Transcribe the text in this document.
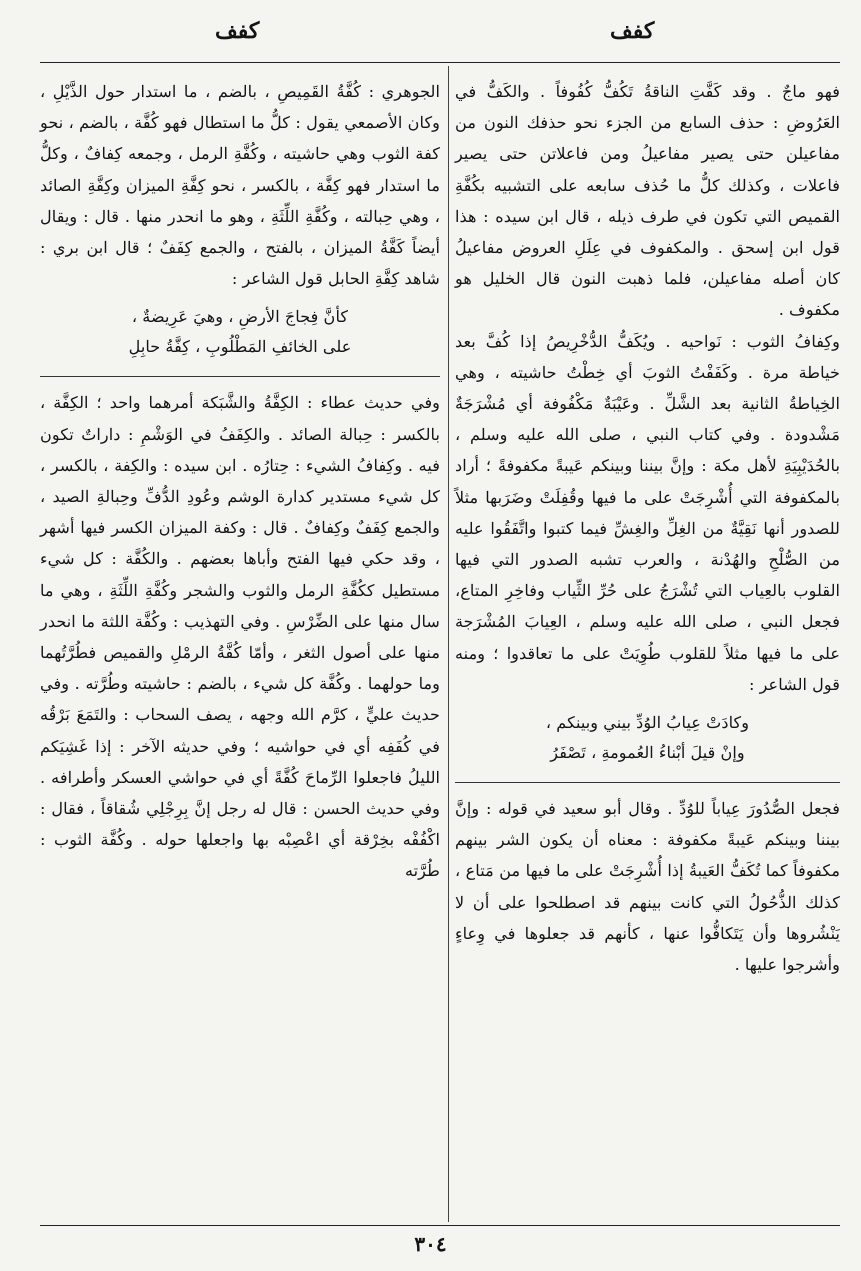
كفف
كفف

فهو ماجٌ . وقد كَفَّتِ الناقةُ تَكُفُّ كُفُوفاً . والكَفُّ في العَرُوضِ : حذف السابع من الجزء نحو حذفك النون من مفاعيلن حتى يصير مفاعيلُ ومن فاعلاتن حتى يصير فاعلات ، وكذلك كلُّ ما حُذف سابعه على التشبيه بكُفَّةِ القميص التي تكون في طرف ذيله ، قال ابن سيده : هذا قول ابن إسحق . والمكفوف في عِلَلِ العروض مفاعيلُ كان أصله مفاعيلن، فلما ذهبت النون قال الخليل هو مكفوف .

وكِفافُ الثوب : نَواحيه . ويُكَفُّ الدُّخْرِيصُ إذا كُفَّ بعد خياطة مرة . وكَفَفْتُ الثوبَ أي خِطْتُ حاشيته ، وهي الخِياطةُ الثانية بعد الشَّلِّ . وعَيْبَةٌ مَكْفُوفة أي مُشْرَجَةٌ مَشْدودة . وفي كتاب النبي ، صلى الله عليه وسلم ، بالحُدَيْبِيَةِ لأهل مكة : وإنَّ بيننا وبينكم عَيبةً مكفوفةً ؛ أراد بالمكفوفة التي أُشْرِجَتْ على ما فيها وقُفِلَتْ وضَرَبها مثلاً للصدور أنها نَقِيَّةٌ من الغِلِّ والغِشِّ فيما كتبوا واتَّفَقُوا عليه من الصُّلْحِ والهُدْنة ، والعرب تشبه الصدور التي فيها القلوب بالعِياب التي تُشْرَجُ على حُرِّ الثِّياب وفاخِرِ المتاع، فجعل النبي ، صلى الله عليه وسلم ، العِيابَ المُشْرَجة على ما فيها مثلاً للقلوب طُوِيَتْ على ما تعاقدوا ؛ ومنه قول الشاعر :

وكادَتْ عِيابُ الوُدِّ بيني وبينكم ،
وإنْ قيلَ أبْناءُ العُمومةِ ، تَصْفَرُ

فجعل الصُّدُورَ عِياباً للوُدِّ . وقال أبو سعيد في قوله : وإنَّ بيننا وبينكم عَيبةً مكفوفة : معناه أن يكون الشر بينهم مكفوفاً كما تُكَفُّ العَيبةُ إذا أُشْرِجَتْ على ما فيها من مَتاع ، كذلك الذُّحُولُ التي كانت بينهم قد اصطلحوا على أن لا يَنْشُروها وأن يَتَكافُّوا عنها ، كأنهم قد جعلوها في وِعاءٍ وأشرجوا عليها .

الجوهري : كُفَّةُ القَمِيصِ ، بالضم ، ما استدار حول الذَّيْلِ ، وكان الأصمعي يقول : كلُّ ما استطال فهو كُفَّة ، بالضم ، نحو كفة الثوب وهي حاشيته ، وكُفَّةِ الرمل ، وجمعه كِفافٌ ، وكلُّ ما استدار فهو كِفَّة ، بالكسر ، نحو كِفَّةِ الميزان وكِفَّةِ الصائد ، وهي حِبالته ، وكُفَّةِ اللِّثَةِ ، وهو ما انحدر منها . قال : ويقال أيضاً كَفَّةُ الميزان ، بالفتح ، والجمع كِفَفٌ ؛ قال ابن بري : شاهد كِفَّةِ الحابل قول الشاعر :

كأنَّ فِجاجَ الأرضِ ، وهيَ عَرِيضةٌ ،
على الخائفِ المَطْلُوبِ ، كِفَّةُ حابِلِ

وفي حديث عطاء : الكِفَّةُ والشَّبَكة أمرهما واحد ؛ الكِفَّة ، بالكسر : حِبالة الصائد . والكِفَفُ في الوَشْمِ : داراتٌ تكون فيه . وكِفافُ الشيء : حِتارُه . ابن سيده : والكِفة ، بالكسر ، كل شيء مستدير كدارة الوشم وعُودِ الدُّفِّ وحِبالةِ الصيد ، والجمع كِفَفٌ وكِفافٌ . قال : وكفة الميزان الكسر فيها أشهر ، وقد حكي فيها الفتح وأباها بعضهم . والكُفَّة : كل شيء مستطيل ككُفَّةِ الرمل والثوب والشجر وكُفَّةِ اللِّثَةِ ، وهي ما سال منها على الضِّرْسِ . وفي التهذيب : وكُفَّة اللثة ما انحدر منها على أصول الثغر ، وأمّا كُفَّةُ الرمْلِ والقميص فطُرَّتُهما وما حولهما . وكُفَّة كل شيء ، بالضم : حاشيته وطُرَّته . وفي حديث عليٍّ ، كرَّم الله وجهه ، يصف السحاب : والتَمَعَ بَرْقُه في كُفَفِه أي في حواشيه ؛ وفي حديثه الآخر : إذا غَشِيَكم الليلُ فاجعلوا الرِّماحَ كُفَّةً أي في حواشي العسكر وأطرافه . وفي حديث الحسن : قال له رجل إنَّ بِرِجْلِي شُقاقاً ، فقال : اكْفُفْه بخِرْقة أي اعْصِبْه بها واجعلها حوله . وكُفَّة الثوب : طُرَّته

٣٠٤
